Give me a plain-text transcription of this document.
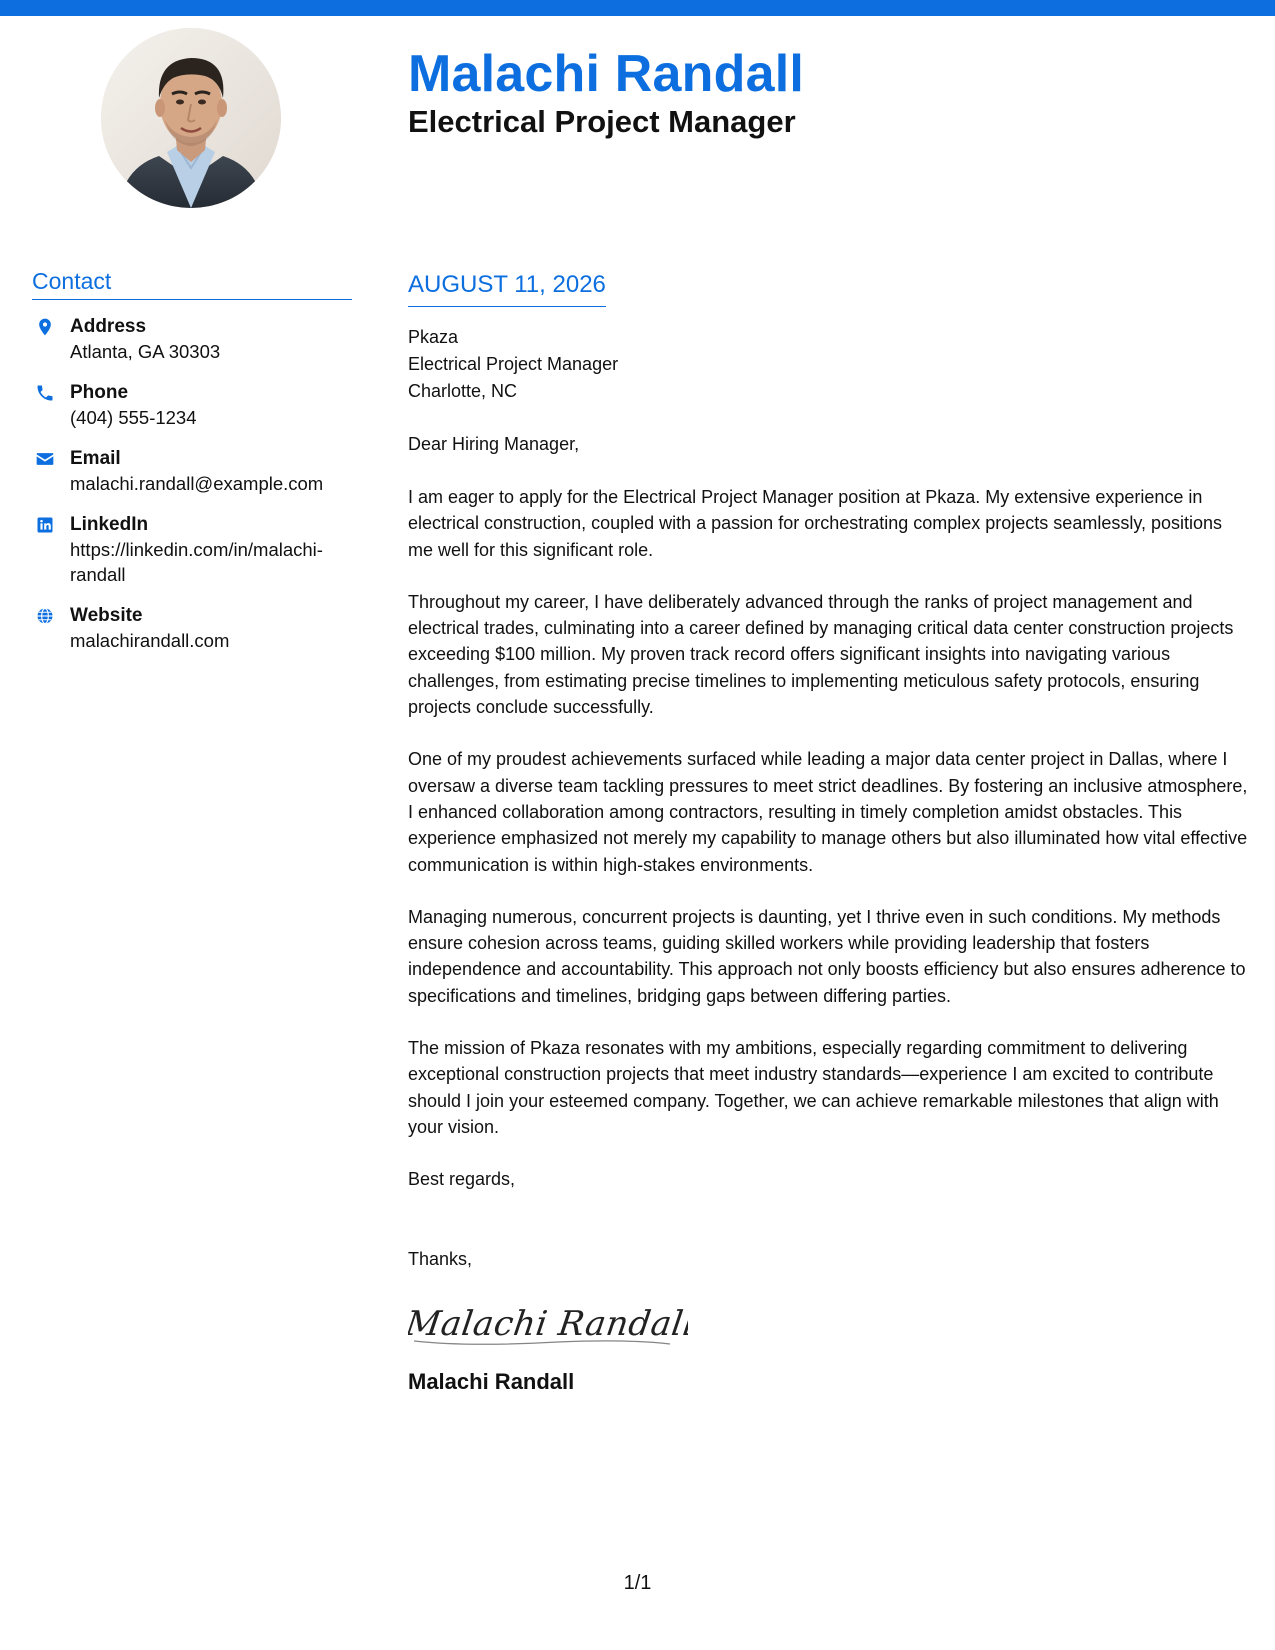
Malachi Randall
Electrical Project Manager
Contact
Address
Atlanta, GA 30303
Phone
(404) 555-1234
Email
malachi.randall@example.com
LinkedIn
https://linkedin.com/in/malachi-randall
Website
malachirandall.com
AUGUST 11, 2026
Pkaza
Electrical Project Manager
Charlotte, NC
Dear Hiring Manager,
I am eager to apply for the Electrical Project Manager position at Pkaza. My extensive experience in electrical construction, coupled with a passion for orchestrating complex projects seamlessly, positions me well for this significant role.
Throughout my career, I have deliberately advanced through the ranks of project management and electrical trades, culminating into a career defined by managing critical data center construction projects exceeding $100 million. My proven track record offers significant insights into navigating various challenges, from estimating precise timelines to implementing meticulous safety protocols, ensuring projects conclude successfully.
One of my proudest achievements surfaced while leading a major data center project in Dallas, where I oversaw a diverse team tackling pressures to meet strict deadlines. By fostering an inclusive atmosphere, I enhanced collaboration among contractors, resulting in timely completion amidst obstacles. This experience emphasized not merely my capability to manage others but also illuminated how vital effective communication is within high-stakes environments.
Managing numerous, concurrent projects is daunting, yet I thrive even in such conditions. My methods ensure cohesion across teams, guiding skilled workers while providing leadership that fosters independence and accountability. This approach not only boosts efficiency but also ensures adherence to specifications and timelines, bridging gaps between differing parties.
The mission of Pkaza resonates with my ambitions, especially regarding commitment to delivering exceptional construction projects that meet industry standards—experience I am excited to contribute should I join your esteemed company. Together, we can achieve remarkable milestones that align with your vision.
Best regards,
Thanks,
Malachi Randall
Malachi Randall
1/1
